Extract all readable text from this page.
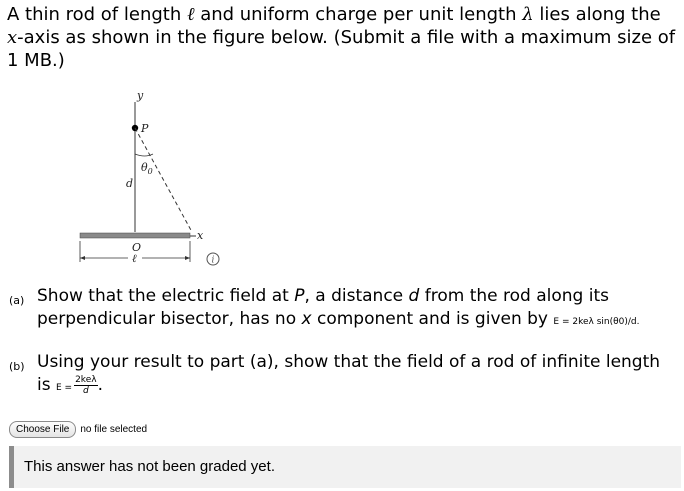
A thin rod of length ℓ and uniform charge per unit length λ lies along the x-axis as shown in the figure below. (Submit a file with a maximum size of 1 MB.)
y
P
$\theta_0$
d
x
O
ℓ	i
(a) Show that the electric field at P, a distance d from the rod along its perpendicular bisector, has no x component and is given by E = 2keλ sin(θ0)/d.
(b) Using your result to part (a), show that the field of a rod of infinite length is $E = \frac{\text{2keλ}}{d}$ .
Choose File	no file selected
This answer has not been graded yet.
